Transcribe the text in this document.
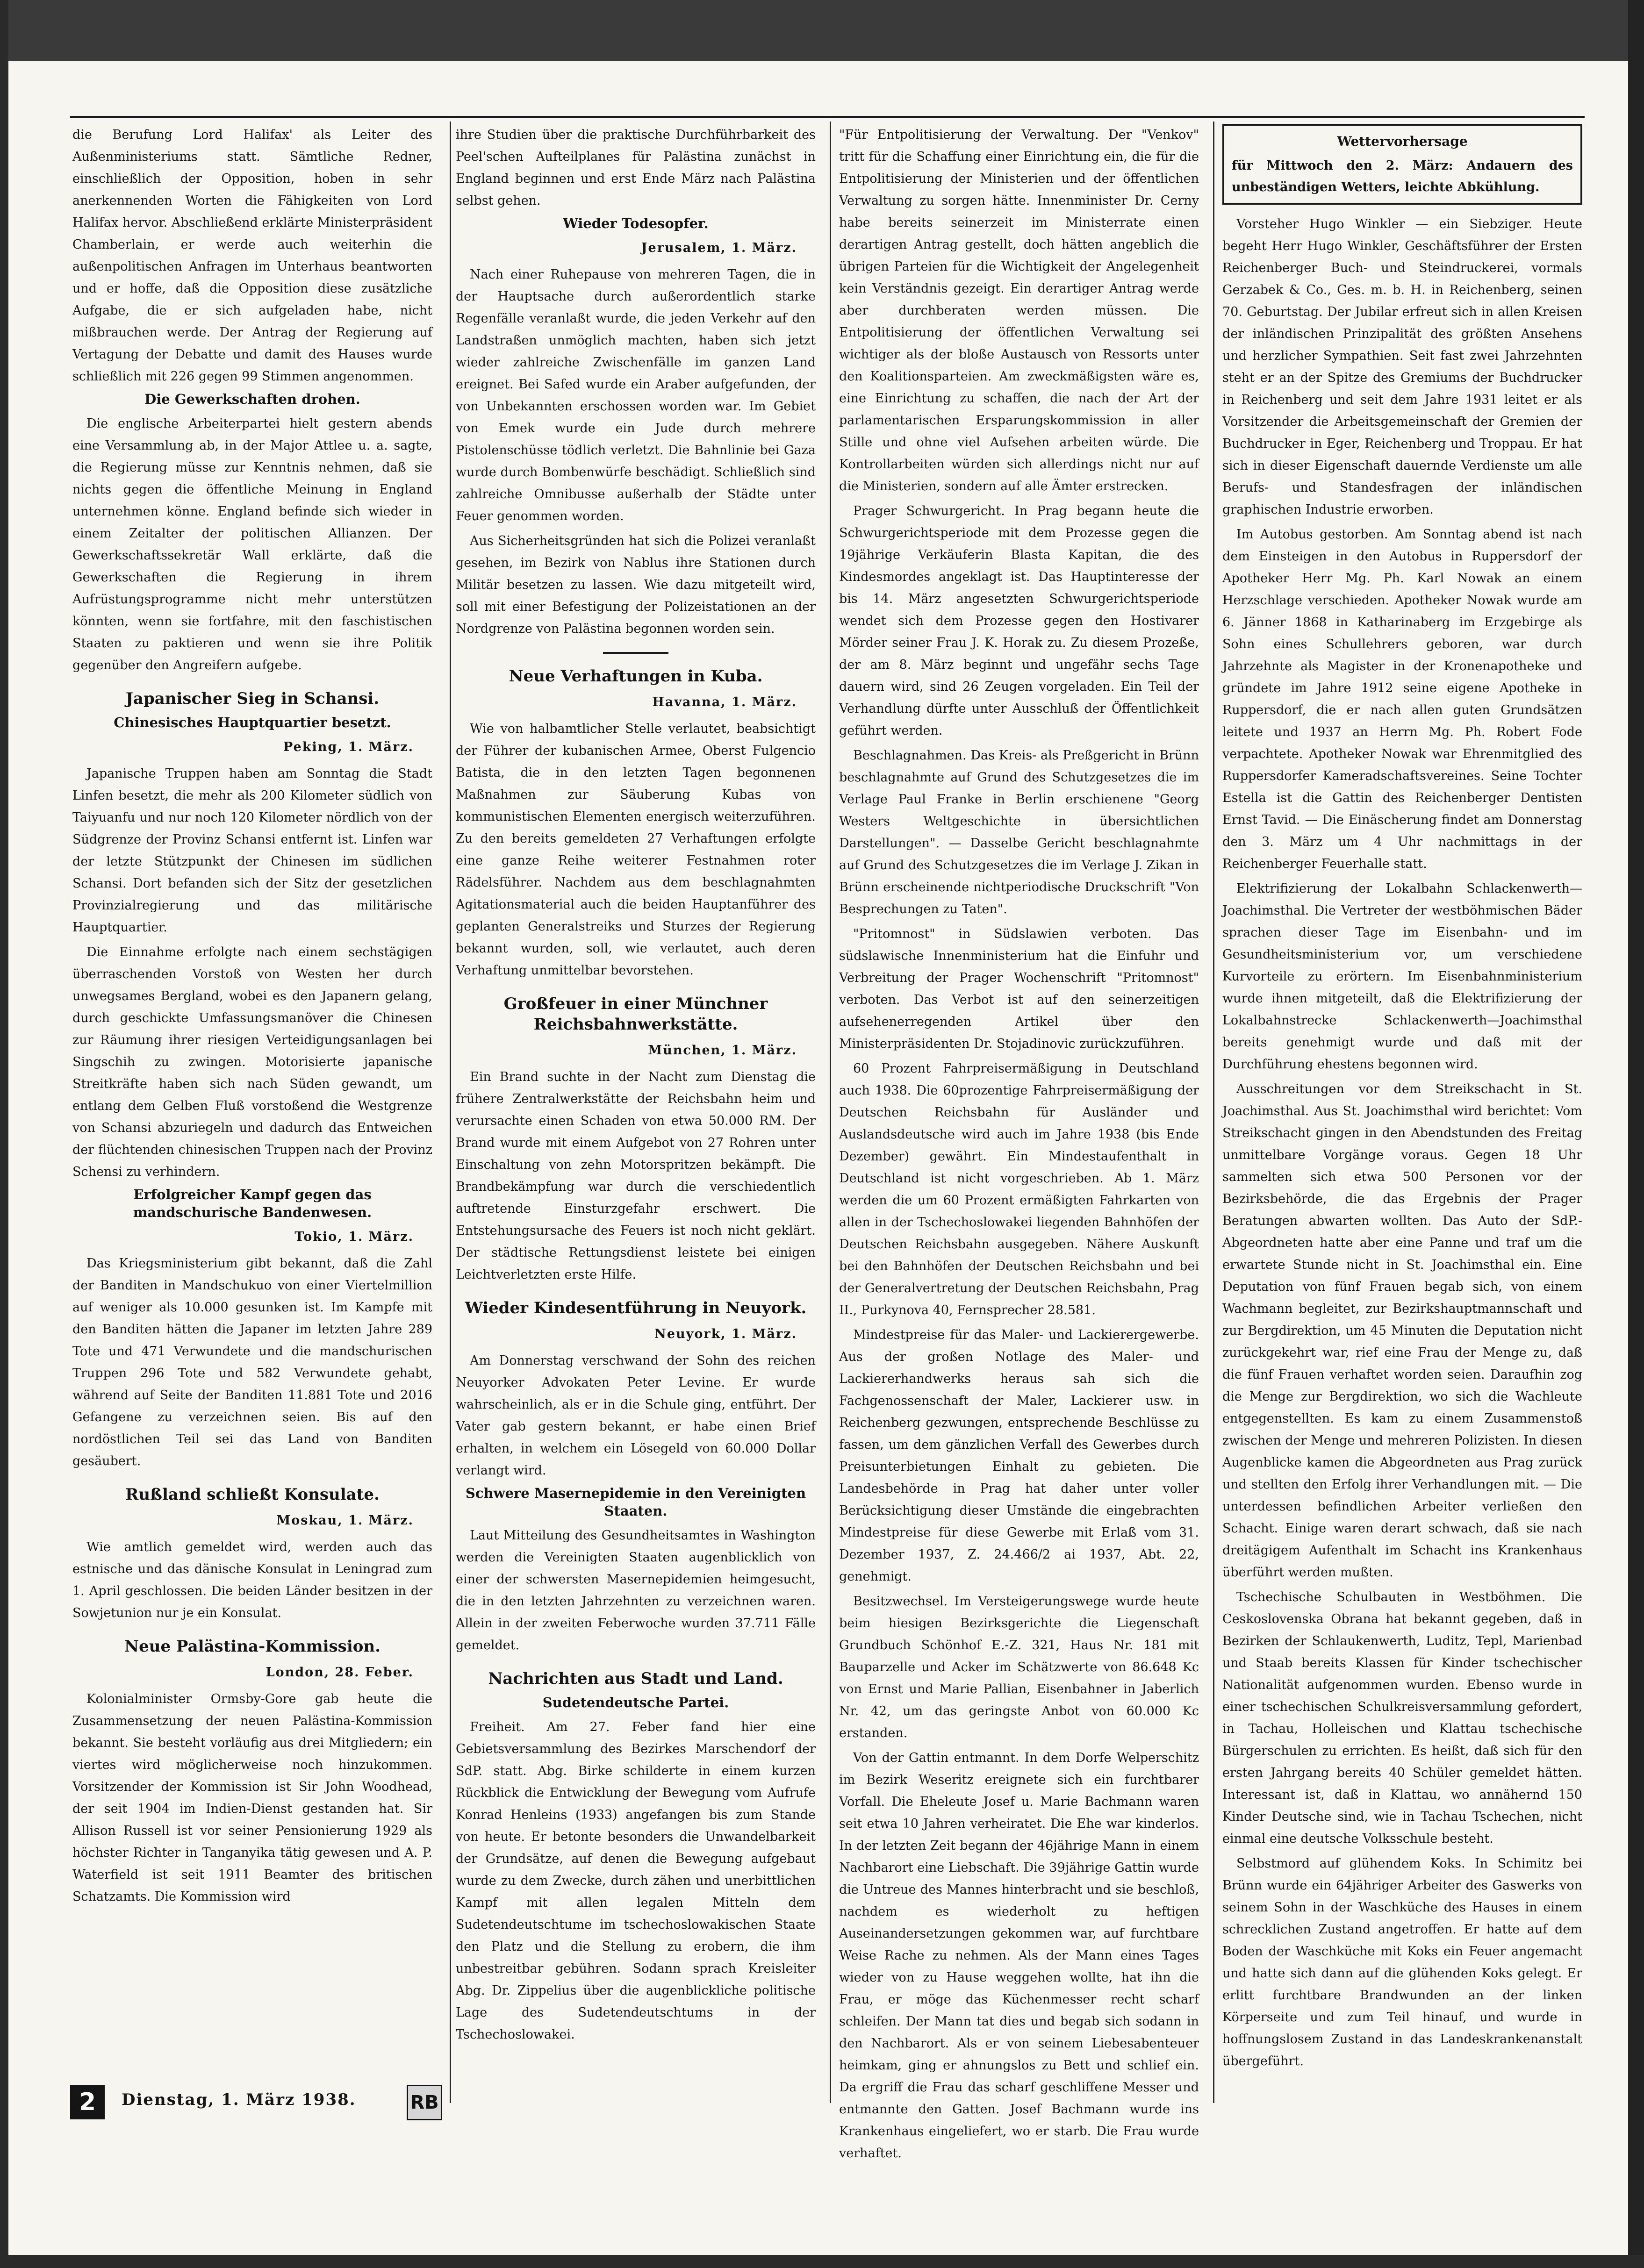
die Berufung Lord Halifax' als Leiter des Außenministeriums statt. Sämtliche Redner, einschließlich der Opposition, hoben in sehr anerkennenden Worten die Fähigkeiten von Lord Halifax hervor. Abschließend erklärte Ministerpräsident Chamberlain, er werde auch weiterhin die außenpolitischen Anfragen im Unterhaus beantworten und er hoffe, daß die Opposition diese zusätzliche Aufgabe, die er sich aufgeladen habe, nicht mißbrauchen werde. Der Antrag der Regierung auf Vertagung der Debatte und damit des Hauses wurde schließlich mit 226 gegen 99 Stimmen angenommen.

Die Gewerkschaften drohen.

Die englische Arbeiterpartei hielt gestern abends eine Versammlung ab, in der Major Attlee u. a. sagte, die Regierung müsse zur Kenntnis nehmen, daß sie nichts gegen die öffentliche Meinung in England unternehmen könne. England befinde sich wieder in einem Zeitalter der politischen Allianzen. Der Gewerkschaftssekretär Wall erklärte, daß die Gewerkschaften die Regierung in ihrem Aufrüstungsprogramme nicht mehr unterstützen könnten, wenn sie fortfahre, mit den faschistischen Staaten zu paktieren und wenn sie ihre Politik gegenüber den Angreifern aufgebe.

Japanischer Sieg in Schansi.
Chinesisches Hauptquartier besetzt.
Peking, 1. März.

Japanische Truppen haben am Sonntag die Stadt Linfen besetzt, die mehr als 200 Kilometer südlich von Taiyuanfu und nur noch 120 Kilometer nördlich von der Südgrenze der Provinz Schansi entfernt ist. Linfen war der letzte Stützpunkt der Chinesen im südlichen Schansi. Dort befanden sich der Sitz der gesetzlichen Provinzialregierung und das militärische Hauptquartier.

Die Einnahme erfolgte nach einem sechstägigen überraschenden Vorstoß von Westen her durch unwegsames Bergland, wobei es den Japanern gelang, durch geschickte Umfassungsmanöver die Chinesen zur Räumung ihrer riesigen Verteidigungsanlagen bei Singschih zu zwingen. Motorisierte japanische Streitkräfte haben sich nach Süden gewandt, um entlang dem Gelben Fluß vorstoßend die Westgrenze von Schansi abzuriegeln und dadurch das Entweichen der flüchtenden chinesischen Truppen nach der Provinz Schensi zu verhindern.

Erfolgreicher Kampf gegen das mandschurische Bandenwesen.
Tokio, 1. März.

Das Kriegsministerium gibt bekannt, daß die Zahl der Banditen in Mandschukuo von einer Viertelmillion auf weniger als 10.000 gesunken ist. Im Kampfe mit den Banditen hätten die Japaner im letzten Jahre 289 Tote und 471 Verwundete und die mandschurischen Truppen 296 Tote und 582 Verwundete gehabt, während auf Seite der Banditen 11.881 Tote und 2016 Gefangene zu verzeichnen seien. Bis auf den nordöstlichen Teil sei das Land von Banditen gesäubert.

Rußland schließt Konsulate.
Moskau, 1. März.

Wie amtlich gemeldet wird, werden auch das estnische und das dänische Konsulat in Leningrad zum 1. April geschlossen. Die beiden Länder besitzen in der Sowjetunion nur je ein Konsulat.

Neue Palästina-Kommission.
London, 28. Feber.

Kolonialminister Ormsby-Gore gab heute die Zusammensetzung der neuen Palästina-Kommission bekannt. Sie besteht vorläufig aus drei Mitgliedern; ein viertes wird möglicherweise noch hinzukommen. Vorsitzender der Kommission ist Sir John Woodhead, der seit 1904 im Indien-Dienst gestanden hat. Sir Allison Russell ist vor seiner Pensionierung 1929 als höchster Richter in Tanganyika tätig gewesen und A. P. Waterfield ist seit 1911 Beamter des britischen Schatzamts. Die Kommission wird

ihre Studien über die praktische Durchführbarkeit des Peel'schen Aufteilplanes für Palästina zunächst in England beginnen und erst Ende März nach Palästina selbst gehen.

Wieder Todesopfer.
Jerusalem, 1. März.

Nach einer Ruhepause von mehreren Tagen, die in der Hauptsache durch außerordentlich starke Regenfälle veranlaßt wurde, die jeden Verkehr auf den Landstraßen unmöglich machten, haben sich jetzt wieder zahlreiche Zwischenfälle im ganzen Land ereignet. Bei Safed wurde ein Araber aufgefunden, der von Unbekannten erschossen worden war. Im Gebiet von Emek wurde ein Jude durch mehrere Pistolenschüsse tödlich verletzt. Die Bahnlinie bei Gaza wurde durch Bombenwürfe beschädigt. Schließlich sind zahlreiche Omnibusse außerhalb der Städte unter Feuer genommen worden.

Aus Sicherheitsgründen hat sich die Polizei veranlaßt gesehen, im Bezirk von Nablus ihre Stationen durch Militär besetzen zu lassen. Wie dazu mitgeteilt wird, soll mit einer Befestigung der Polizeistationen an der Nordgrenze von Palästina begonnen worden sein.

Neue Verhaftungen in Kuba.
Havanna, 1. März.

Wie von halbamtlicher Stelle verlautet, beabsichtigt der Führer der kubanischen Armee, Oberst Fulgencio Batista, die in den letzten Tagen begonnenen Maßnahmen zur Säuberung Kubas von kommunistischen Elementen energisch weiterzuführen. Zu den bereits gemeldeten 27 Verhaftungen erfolgte eine ganze Reihe weiterer Festnahmen roter Rädelsführer. Nachdem aus dem beschlagnahmten Agitationsmaterial auch die beiden Hauptanführer des geplanten Generalstreiks und Sturzes der Regierung bekannt wurden, soll, wie verlautet, auch deren Verhaftung unmittelbar bevorstehen.

Großfeuer in einer Münchner Reichsbahnwerkstätte.
München, 1. März.

Ein Brand suchte in der Nacht zum Dienstag die frühere Zentralwerkstätte der Reichsbahn heim und verursachte einen Schaden von etwa 50.000 RM. Der Brand wurde mit einem Aufgebot von 27 Rohren unter Einschaltung von zehn Motorspritzen bekämpft. Die Brandbekämpfung war durch die verschiedentlich auftretende Einsturzgefahr erschwert. Die Entstehungsursache des Feuers ist noch nicht geklärt. Der städtische Rettungsdienst leistete bei einigen Leichtverletzten erste Hilfe.

Wieder Kindesentführung in Neuyork.
Neuyork, 1. März.

Am Donnerstag verschwand der Sohn des reichen Neuyorker Advokaten Peter Levine. Er wurde wahrscheinlich, als er in die Schule ging, entführt. Der Vater gab gestern bekannt, er habe einen Brief erhalten, in welchem ein Lösegeld von 60.000 Dollar verlangt wird.

Schwere Masernepidemie in den Vereinigten Staaten.

Laut Mitteilung des Gesundheitsamtes in Washington werden die Vereinigten Staaten augenblicklich von einer der schwersten Masernepidemien heimgesucht, die in den letzten Jahrzehnten zu verzeichnen waren. Allein in der zweiten Feberwoche wurden 37.711 Fälle gemeldet.

Nachrichten aus Stadt und Land.
Sudetendeutsche Partei.

Freiheit. Am 27. Feber fand hier eine Gebietsversammlung des Bezirkes Marschendorf der SdP. statt. Abg. Birke schilderte in einem kurzen Rückblick die Entwicklung der Bewegung vom Aufrufe Konrad Henleins (1933) angefangen bis zum Stande von heute. Er betonte besonders die Unwandelbarkeit der Grundsätze, auf denen die Bewegung aufgebaut wurde zu dem Zwecke, durch zähen und unerbittlichen Kampf mit allen legalen Mitteln dem Sudetendeutschtume im tschechoslowakischen Staate den Platz und die Stellung zu erobern, die ihm unbestreitbar gebühren. Sodann sprach Kreisleiter Abg. Dr. Zippelius über die augenblickliche politische Lage des Sudetendeutschtums in der Tschechoslowakei.

"Für Entpolitisierung der Verwaltung. Der "Venkov" tritt für die Schaffung einer Einrichtung ein, die für die Entpolitisierung der Ministerien und der öffentlichen Verwaltung zu sorgen hätte. Innenminister Dr. Cerny habe bereits seinerzeit im Ministerrate einen derartigen Antrag gestellt, doch hätten angeblich die übrigen Parteien für die Wichtigkeit der Angelegenheit kein Verständnis gezeigt. Ein derartiger Antrag werde aber durchberaten werden müssen. Die Entpolitisierung der öffentlichen Verwaltung sei wichtiger als der bloße Austausch von Ressorts unter den Koalitionsparteien. Am zweckmäßigsten wäre es, eine Einrichtung zu schaffen, die nach der Art der parlamentarischen Ersparungskommission in aller Stille und ohne viel Aufsehen arbeiten würde. Die Kontrollarbeiten würden sich allerdings nicht nur auf die Ministerien, sondern auf alle Ämter erstrecken.

Prager Schwurgericht. In Prag begann heute die Schwurgerichtsperiode mit dem Prozesse gegen die 19jährige Verkäuferin Blasta Kapitan, die des Kindesmordes angeklagt ist. Das Hauptinteresse der bis 14. März angesetzten Schwurgerichtsperiode wendet sich dem Prozesse gegen den Hostivarer Mörder seiner Frau J. K. Horak zu. Zu diesem Prozeße, der am 8. März beginnt und ungefähr sechs Tage dauern wird, sind 26 Zeugen vorgeladen. Ein Teil der Verhandlung dürfte unter Ausschluß der Öffentlichkeit geführt werden.

Beschlagnahmen. Das Kreis- als Preßgericht in Brünn beschlagnahmte auf Grund des Schutzgesetzes die im Verlage Paul Franke in Berlin erschienene "Georg Westers Weltgeschichte in übersichtlichen Darstellungen". — Dasselbe Gericht beschlagnahmte auf Grund des Schutzgesetzes die im Verlage J. Zikan in Brünn erscheinende nichtperiodische Druckschrift "Von Besprechungen zu Taten".

"Pritomnost" in Südslawien verboten. Das südslawische Innenministerium hat die Einfuhr und Verbreitung der Prager Wochenschrift "Pritomnost" verboten. Das Verbot ist auf den seinerzeitigen aufsehenerregenden Artikel über den Ministerpräsidenten Dr. Stojadinovic zurückzuführen.

60 Prozent Fahrpreisermäßigung in Deutschland auch 1938. Die 60prozentige Fahrpreisermäßigung der Deutschen Reichsbahn für Ausländer und Auslandsdeutsche wird auch im Jahre 1938 (bis Ende Dezember) gewährt. Ein Mindestaufenthalt in Deutschland ist nicht vorgeschrieben. Ab 1. März werden die um 60 Prozent ermäßigten Fahrkarten von allen in der Tschechoslowakei liegenden Bahnhöfen der Deutschen Reichsbahn ausgegeben. Nähere Auskunft bei den Bahnhöfen der Deutschen Reichsbahn und bei der Generalvertretung der Deutschen Reichsbahn, Prag II., Purkynova 40, Fernsprecher 28.581.

Mindestpreise für das Maler- und Lackierergewerbe. Aus der großen Notlage des Maler- und Lackiererhandwerks heraus sah sich die Fachgenossenschaft der Maler, Lackierer usw. in Reichenberg gezwungen, entsprechende Beschlüsse zu fassen, um dem gänzlichen Verfall des Gewerbes durch Preisunterbietungen Einhalt zu gebieten. Die Landesbehörde in Prag hat daher unter voller Berücksichtigung dieser Umstände die eingebrachten Mindestpreise für diese Gewerbe mit Erlaß vom 31. Dezember 1937, Z. 24.466/2 ai 1937, Abt. 22, genehmigt.

Besitzwechsel. Im Versteigerungswege wurde heute beim hiesigen Bezirksgerichte die Liegenschaft Grundbuch Schönhof E.-Z. 321, Haus Nr. 181 mit Bauparzelle und Acker im Schätzwerte von 86.648 Kc von Ernst und Marie Pallian, Eisenbahner in Jaberlich Nr. 42, um das geringste Anbot von 60.000 Kc erstanden.

Von der Gattin entmannt. In dem Dorfe Welperschitz im Bezirk Weseritz ereignete sich ein furchtbarer Vorfall. Die Eheleute Josef u. Marie Bachmann waren seit etwa 10 Jahren verheiratet. Die Ehe war kinderlos. In der letzten Zeit begann der 46jährige Mann in einem Nachbarort eine Liebschaft. Die 39jährige Gattin wurde die Untreue des Mannes hinterbracht und sie beschloß, nachdem es wiederholt zu heftigen Auseinandersetzungen gekommen war, auf furchtbare Weise Rache zu nehmen. Als der Mann eines Tages wieder von zu Hause weggehen wollte, hat ihn die Frau, er möge das Küchenmesser recht scharf schleifen. Der Mann tat dies und begab sich sodann in den Nachbarort. Als er von seinem Liebesabenteuer heimkam, ging er ahnungslos zu Bett und schlief ein. Da ergriff die Frau das scharf geschliffene Messer und entmannte den Gatten. Josef Bachmann wurde ins Krankenhaus eingeliefert, wo er starb. Die Frau wurde verhaftet.

Wettervorhersage

für Mittwoch den 2. März: Andauern des unbeständigen Wetters, leichte Abkühlung.

Vorsteher Hugo Winkler — ein Siebziger. Heute begeht Herr Hugo Winkler, Geschäftsführer der Ersten Reichenberger Buch- und Steindruckerei, vormals Gerzabek & Co., Ges. m. b. H. in Reichenberg, seinen 70. Geburtstag. Der Jubilar erfreut sich in allen Kreisen der inländischen Prinzipalität des größten Ansehens und herzlicher Sympathien. Seit fast zwei Jahrzehnten steht er an der Spitze des Gremiums der Buchdrucker in Reichenberg und seit dem Jahre 1931 leitet er als Vorsitzender die Arbeitsgemeinschaft der Gremien der Buchdrucker in Eger, Reichenberg und Troppau. Er hat sich in dieser Eigenschaft dauernde Verdienste um alle Berufs- und Standesfragen der inländischen graphischen Industrie erworben.

Im Autobus gestorben. Am Sonntag abend ist nach dem Einsteigen in den Autobus in Ruppersdorf der Apotheker Herr Mg. Ph. Karl Nowak an einem Herzschlage verschieden. Apotheker Nowak wurde am 6. Jänner 1868 in Katharinaberg im Erzgebirge als Sohn eines Schullehrers geboren, war durch Jahrzehnte als Magister in der Kronenapotheke und gründete im Jahre 1912 seine eigene Apotheke in Ruppersdorf, die er nach allen guten Grundsätzen leitete und 1937 an Herrn Mg. Ph. Robert Fode verpachtete. Apotheker Nowak war Ehrenmitglied des Ruppersdorfer Kameradschaftsvereines. Seine Tochter Estella ist die Gattin des Reichenberger Dentisten Ernst Tavid. — Die Einäscherung findet am Donnerstag den 3. März um 4 Uhr nachmittags in der Reichenberger Feuerhalle statt.

Elektrifizierung der Lokalbahn Schlackenwerth—Joachimsthal. Die Vertreter der westböhmischen Bäder sprachen dieser Tage im Eisenbahn- und im Gesundheitsministerium vor, um verschiedene Kurvorteile zu erörtern. Im Eisenbahnministerium wurde ihnen mitgeteilt, daß die Elektrifizierung der Lokalbahnstrecke Schlackenwerth—Joachimsthal bereits genehmigt wurde und daß mit der Durchführung ehestens begonnen wird.

Ausschreitungen vor dem Streikschacht in St. Joachimsthal. Aus St. Joachimsthal wird berichtet: Vom Streikschacht gingen in den Abendstunden des Freitag unmittelbare Vorgänge voraus. Gegen 18 Uhr sammelten sich etwa 500 Personen vor der Bezirksbehörde, die das Ergebnis der Prager Beratungen abwarten wollten. Das Auto der SdP.-Abgeordneten hatte aber eine Panne und traf um die erwartete Stunde nicht in St. Joachimsthal ein. Eine Deputation von fünf Frauen begab sich, von einem Wachmann begleitet, zur Bezirkshauptmannschaft und zur Bergdirektion, um 45 Minuten die Deputation nicht zurückgekehrt war, rief eine Frau der Menge zu, daß die fünf Frauen verhaftet worden seien. Daraufhin zog die Menge zur Bergdirektion, wo sich die Wachleute entgegenstellten. Es kam zu einem Zusammenstoß zwischen der Menge und mehreren Polizisten. In diesen Augenblicke kamen die Abgeordneten aus Prag zurück und stellten den Erfolg ihrer Verhandlungen mit. — Die unterdessen befindlichen Arbeiter verließen den Schacht. Einige waren derart schwach, daß sie nach dreitägigem Aufenthalt im Schacht ins Krankenhaus überführt werden mußten.

Tschechische Schulbauten in Westböhmen. Die Ceskoslovenska Obrana hat bekannt gegeben, daß in Bezirken der Schlaukenwerth, Luditz, Tepl, Marienbad und Staab bereits Klassen für Kinder tschechischer Nationalität aufgenommen wurden. Ebenso wurde in einer tschechischen Schulkreisversammlung gefordert, in Tachau, Holleischen und Klattau tschechische Bürgerschulen zu errichten. Es heißt, daß sich für den ersten Jahrgang bereits 40 Schüler gemeldet hätten. Interessant ist, daß in Klattau, wo annähernd 150 Kinder Deutsche sind, wie in Tachau Tschechen, nicht einmal eine deutsche Volksschule besteht.

Selbstmord auf glühendem Koks. In Schimitz bei Brünn wurde ein 64jähriger Arbeiter des Gaswerks von seinem Sohn in der Waschküche des Hauses in einem schrecklichen Zustand angetroffen. Er hatte auf dem Boden der Waschküche mit Koks ein Feuer angemacht und hatte sich dann auf die glühenden Koks gelegt. Er erlitt furchtbare Brandwunden an der linken Körperseite und zum Teil hinauf, und wurde in hoffnungslosem Zustand in das Landeskrankenanstalt übergeführt.

2	Dienstag, 1. März 1938.	RB
